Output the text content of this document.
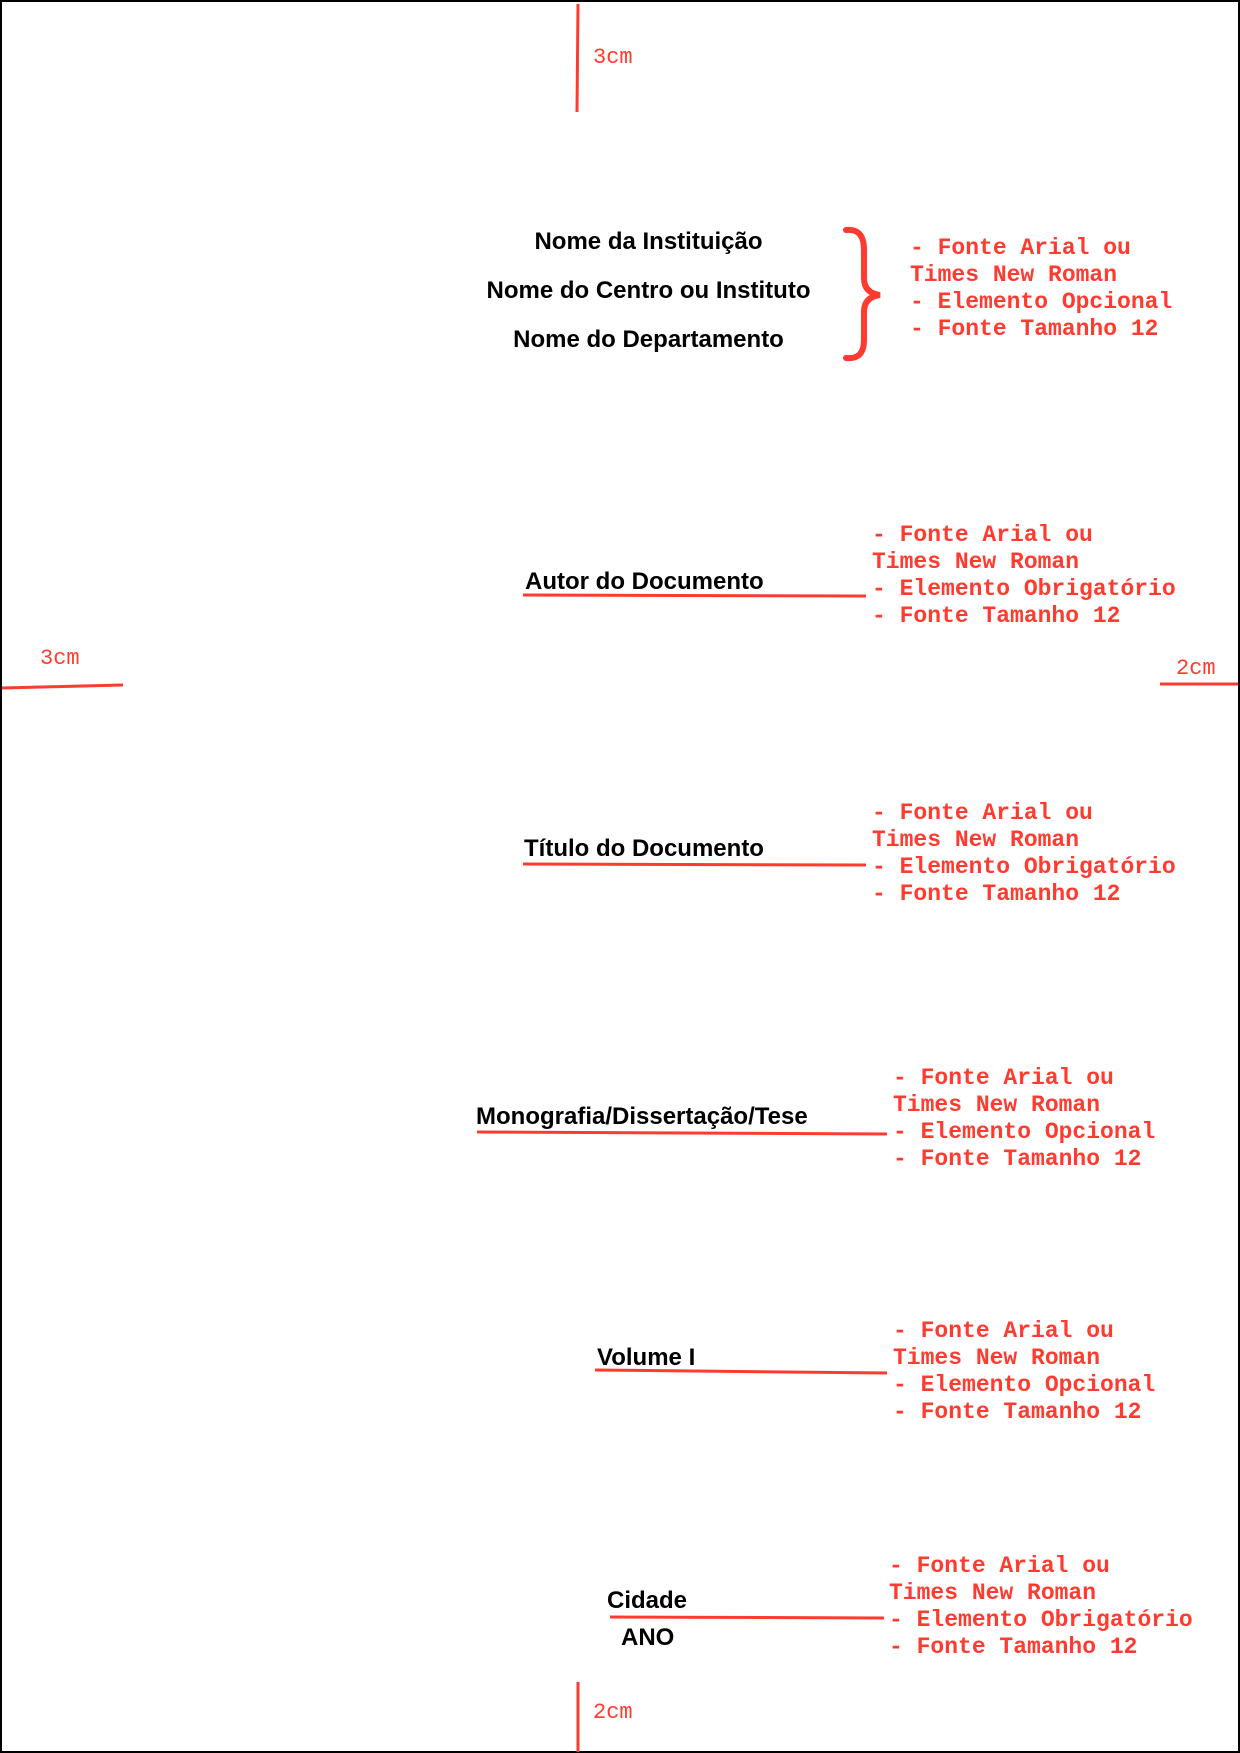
3cm
3cm	2cm
2cm
Nome da Instituição
Nome do Centro ou Instituto
Nome do Departamento
- Fonte Arial ou
Times New Roman
- Elemento Opcional
- Fonte Tamanho 12
Autor do Documento
- Fonte Arial ou
Times New Roman
- Elemento Obrigatório
- Fonte Tamanho 12
Título do Documento
- Fonte Arial ou
Times New Roman
- Elemento Obrigatório
- Fonte Tamanho 12
Monografia/Dissertação/Tese
- Fonte Arial ou
Times New Roman
- Elemento Opcional
- Fonte Tamanho 12
Volume I
- Fonte Arial ou
Times New Roman
- Elemento Opcional
- Fonte Tamanho 12
Cidade
ANO
- Fonte Arial ou
Times New Roman
- Elemento Obrigatório
- Fonte Tamanho 12
